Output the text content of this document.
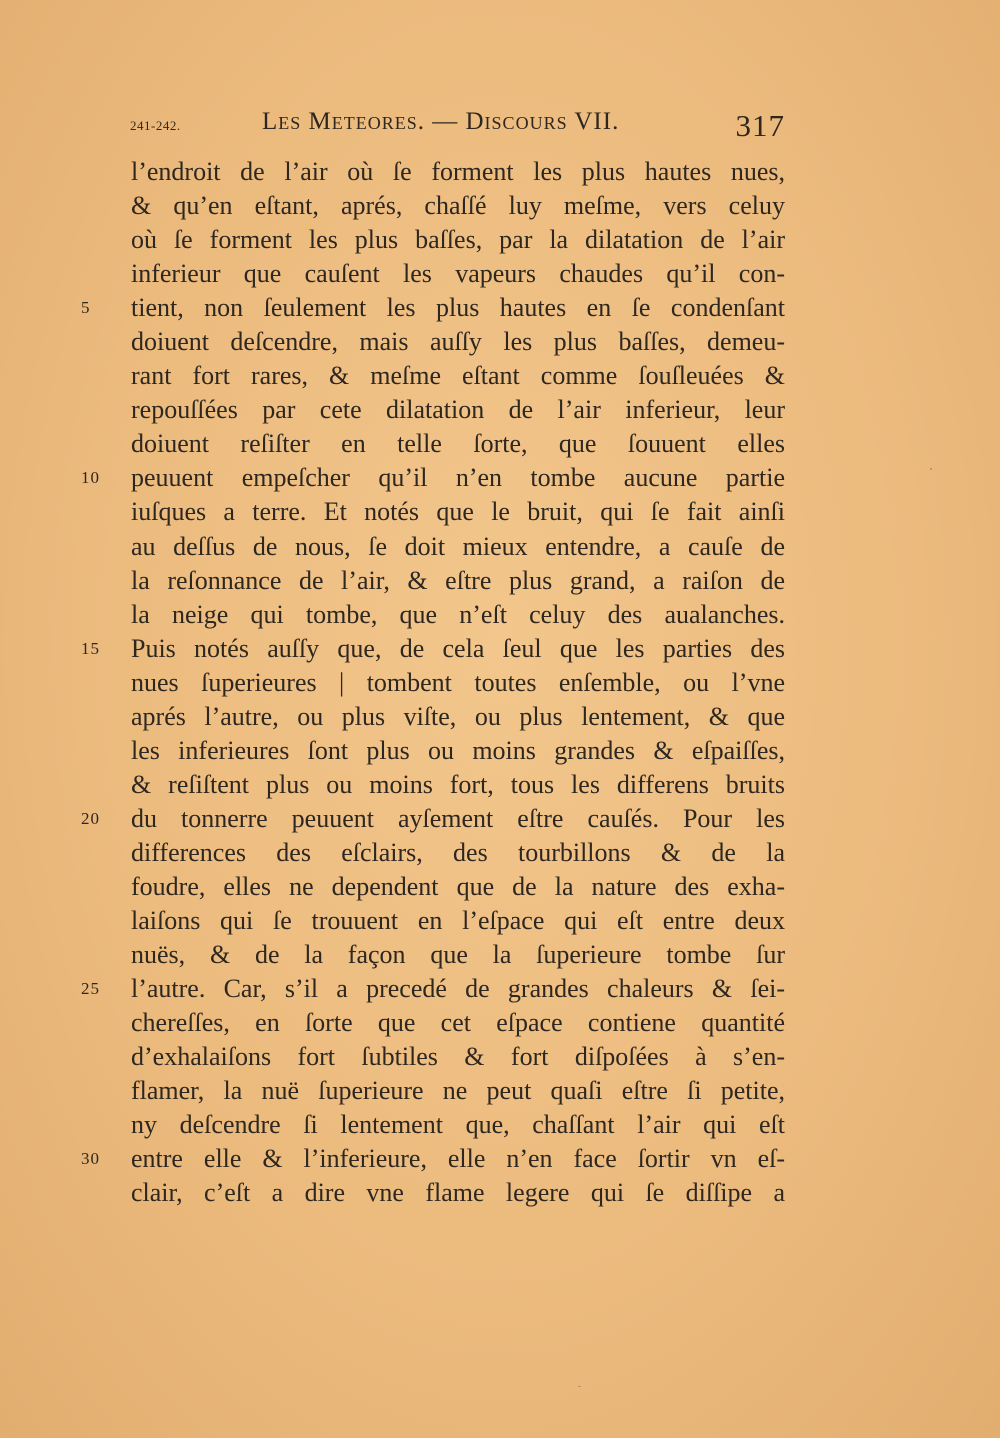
241-242.	Les Meteores. — Discours VII.	317
l’endroit de l’air où ſe forment les plus hautes nues,
& qu’en eſtant, aprés, chaſſé luy meſme, vers celuy
où ſe forment les plus baſſes, par la dilatation de l’air
inferieur que cauſent les vapeurs chaudes qu’il con-
5	tient, non ſeulement les plus hautes en ſe condenſant
doiuent deſcendre, mais auſſy les plus baſſes, demeu-
rant fort rares, & meſme eſtant comme ſouſleuées &
repouſſées par cete dilatation de l’air inferieur, leur
doiuent reſiſter en telle ſorte, que ſouuent elles
10	peuuent empeſcher qu’il n’en tombe aucune partie
iuſques a terre. Et notés que le bruit, qui ſe fait ainſi
au deſſus de nous, ſe doit mieux entendre, a cauſe de
la reſonnance de l’air, & eſtre plus grand, a raiſon de
la neige qui tombe, que n’eſt celuy des aualanches.
15	Puis notés auſſy que, de cela ſeul que les parties des
nues ſuperieures | tombent toutes enſemble, ou l’vne
aprés l’autre, ou plus viſte, ou plus lentement, & que
les inferieures ſont plus ou moins grandes & eſpaiſſes,
& reſiſtent plus ou moins fort, tous les differens bruits
20	du tonnerre peuuent ayſement eſtre cauſés. Pour les
differences des eſclairs, des tourbillons & de la
foudre, elles ne dependent que de la nature des exha-
laiſons qui ſe trouuent en l’eſpace qui eſt entre deux
nuës, & de la façon que la ſuperieure tombe ſur
25	l’autre. Car, s’il a precedé de grandes chaleurs & ſei-
chereſſes, en ſorte que cet eſpace contiene quantité
d’exhalaiſons fort ſubtiles & fort diſpoſées à s’en-
flamer, la nuë ſuperieure ne peut quaſi eſtre ſi petite,
ny deſcendre ſi lentement que, chaſſant l’air qui eſt
30	entre elle & l’inferieure, elle n’en face ſortir vn eſ-
clair, c’eſt a dire vne flame legere qui ſe diſſipe a
